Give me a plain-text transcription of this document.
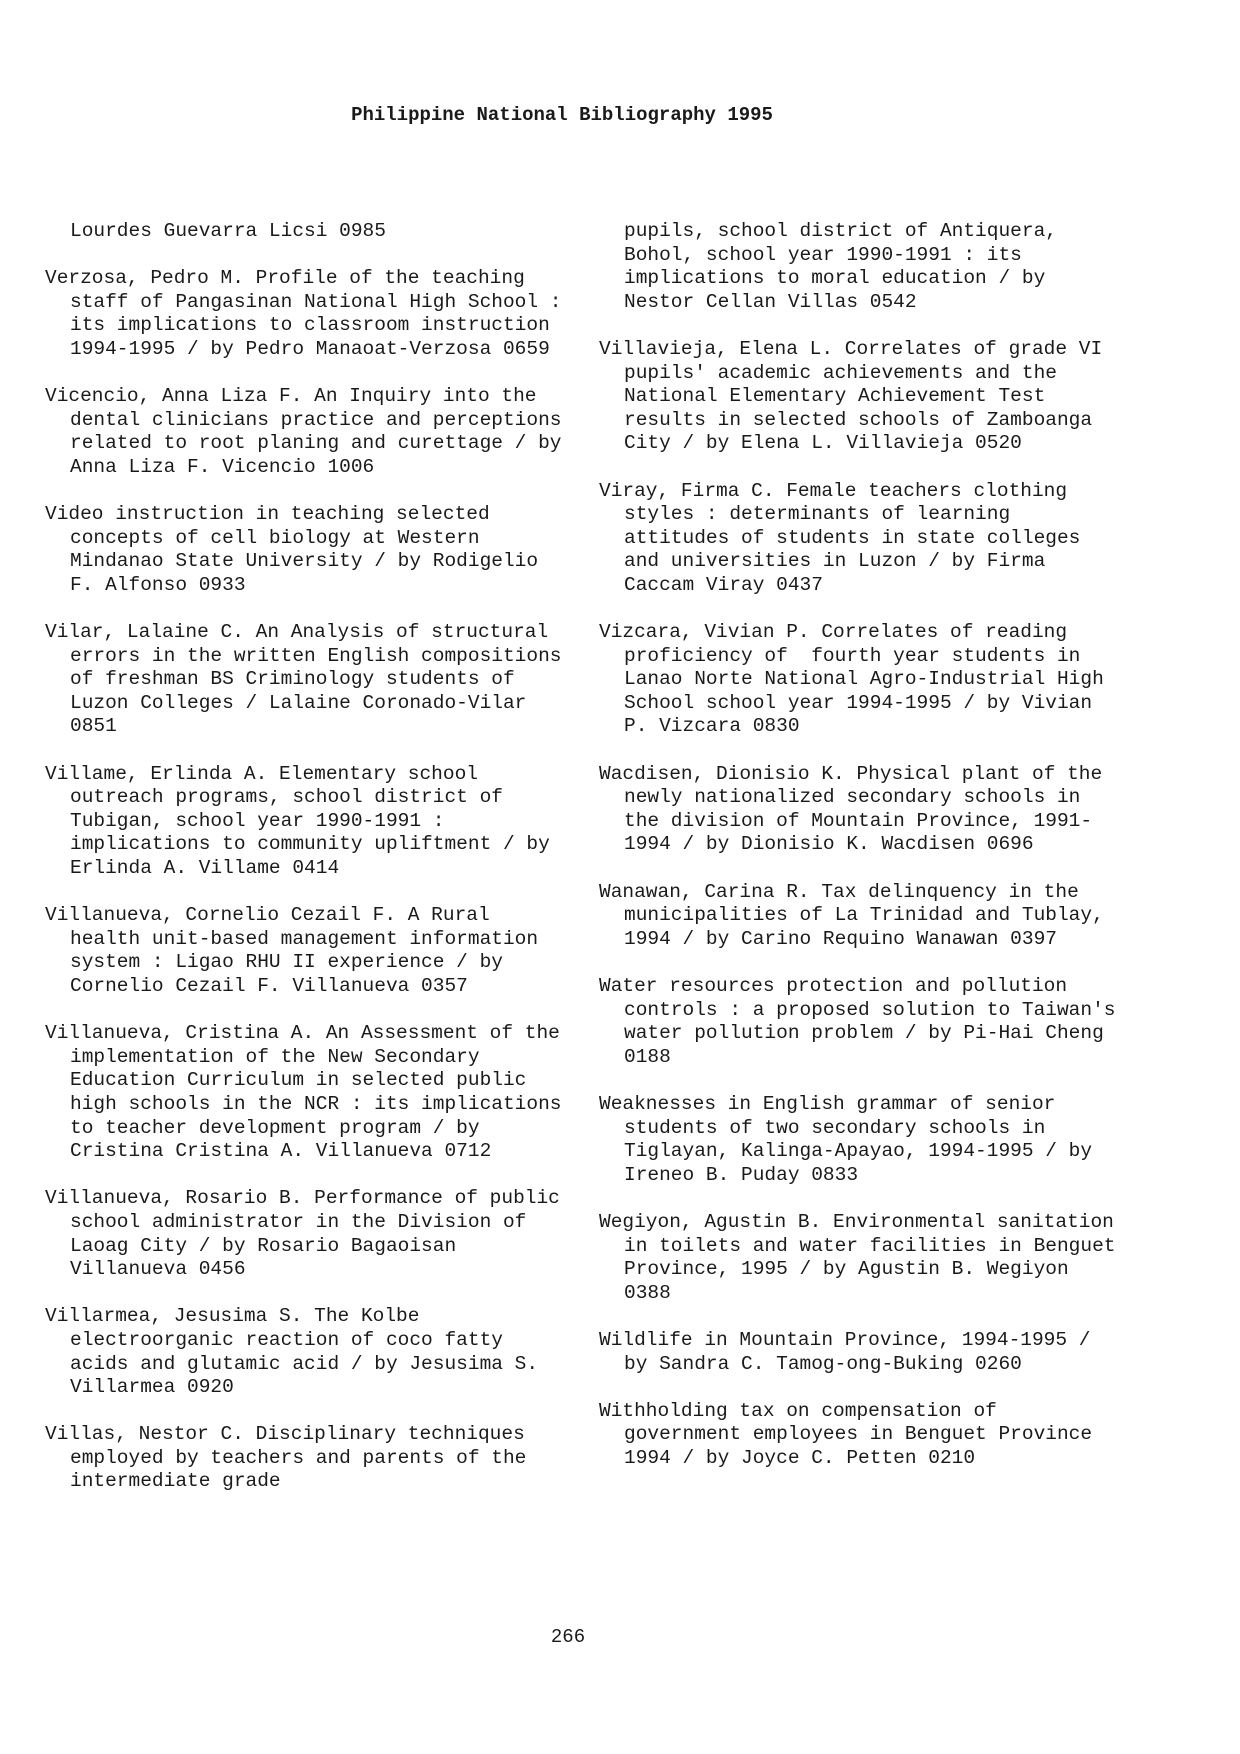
Philippine National Bibliography 1995

Lourdes Guevarra Licsi 0985

Verzosa, Pedro M. Profile of the teaching staff of Pangasinan National High School : its implications to classroom instruction 1994-1995 / by Pedro Manaoat-Verzosa 0659

Vicencio, Anna Liza F. An Inquiry into the dental clinicians practice and perceptions related to root planing and curettage / by Anna Liza F. Vicencio 1006

Video instruction in teaching selected concepts of cell biology at Western Mindanao State University / by Rodigelio F. Alfonso 0933

Vilar, Lalaine C. An Analysis of structural errors in the written English compositions of freshman BS Criminology students of Luzon Colleges / Lalaine Coronado-Vilar 0851

Villame, Erlinda A. Elementary school outreach programs, school district of Tubigan, school year 1990-1991 : implications to community upliftment / by Erlinda A. Villame 0414

Villanueva, Cornelio Cezail F. A Rural health unit-based management information system : Ligao RHU II experience / by Cornelio Cezail F. Villanueva 0357

Villanueva, Cristina A. An Assessment of the implementation of the New Secondary Education Curriculum in selected public high schools in the NCR : its implications to teacher development program / by Cristina Cristina A. Villanueva 0712

Villanueva, Rosario B. Performance of public school administrator in the Division of Laoag City / by Rosario Bagaoisan Villanueva 0456

Villarmea, Jesusima S. The Kolbe electroorganic reaction of coco fatty acids and glutamic acid / by Jesusima S. Villarmea 0920

Villas, Nestor C. Disciplinary techniques employed by teachers and parents of the intermediate grade

pupils, school district of Antiquera, Bohol, school year 1990-1991 : its implications to moral education / by Nestor Cellan Villas 0542

Villavieja, Elena L. Correlates of grade VI pupils' academic achievements and the National Elementary Achievement Test results in selected schools of Zamboanga City / by Elena L. Villavieja 0520

Viray, Firma C. Female teachers clothing styles : determinants of learning attitudes of students in state colleges and universities in Luzon / by Firma Caccam Viray 0437

Vizcara, Vivian P. Correlates of reading proficiency of  fourth year students in Lanao Norte National Agro-Industrial High School school year 1994-1995 / by Vivian P. Vizcara 0830

Wacdisen, Dionisio K. Physical plant of the newly nationalized secondary schools in the division of Mountain Province, 1991-1994 / by Dionisio K. Wacdisen 0696

Wanawan, Carina R. Tax delinquency in the municipalities of La Trinidad and Tublay, 1994 / by Carino Requino Wanawan 0397

Water resources protection and pollution controls : a proposed solution to Taiwan's water pollution problem / by Pi-Hai Cheng 0188

Weaknesses in English grammar of senior students of two secondary schools in Tiglayan, Kalinga-Apayao, 1994-1995 / by Ireneo B. Puday 0833

Wegiyon, Agustin B. Environmental sanitation in toilets and water facilities in Benguet Province, 1995 / by Agustin B. Wegiyon 0388

Wildlife in Mountain Province, 1994-1995 / by Sandra C. Tamog-ong-Buking 0260

Withholding tax on compensation of government employees in Benguet Province 1994 / by Joyce C. Petten 0210

266
